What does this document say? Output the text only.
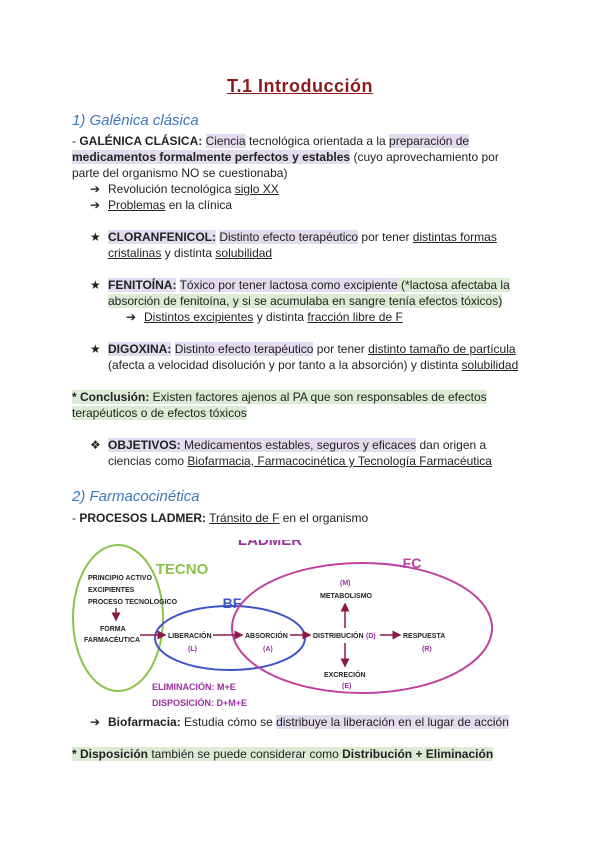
T.1 Introducción
1) Galénica clásica
- GALÉNICA CLÁSICA: Ciencia tecnológica orientada a la preparación de
medicamentos formalmente perfectos y estables (cuyo aprovechamiento por
parte del organismo NO se cuestionaba)
➔ Revolución tecnológica siglo XX
➔ Problemas en la clínica
★ CLORANFENICOL: Distinto efecto terapéutico por tener distintas formas
cristalinas y distinta solubilidad
★ FENITOÍNA: Tóxico por tener lactosa como excipiente (*lactosa afectaba la
absorción de fenitoína, y si se acumulaba en sangre tenía efectos tóxicos)
➔ Distintos excipientes y distinta fracción libre de F
★ DIGOXINA: Distinto efecto terapéutico por tener distinto tamaño de partícula
(afecta a velocidad disolución y por tanto a la absorción) y distinta solubilidad
* Conclusión: Existen factores ajenos al PA que son responsables de efectos
terapéuticos o de efectos tóxicos
❖ OBJETIVOS: Medicamentos estables, seguros y eficaces dan origen a
ciencias como Biofarmacia, Farmacocinética y Tecnología Farmacéutica
2) Farmacocinética
- PROCESOS LADMER: Tránsito de F en el organismo
LADMER
TECNO
BF
FC
PRINCIPIO ACTIVO
EXCIPIENTES
PROCESO TECNOLOGICO
FORMA
FARMACÉUTICA
LIBERACIÓN
(L)
ABSORCIÓN
(A)
DISTRIBUCIÓN (D)	RESPUESTA
(R)
(M)
METABOLISMO
EXCRECIÓN
(E)
ELIMINACIÓN: M+E
DISPOSICIÓN: D+M+E
➔ Biofarmacia: Estudia cómo se distribuye la liberación en el lugar de acción
* Disposición también se puede considerar como Distribución + Eliminación
